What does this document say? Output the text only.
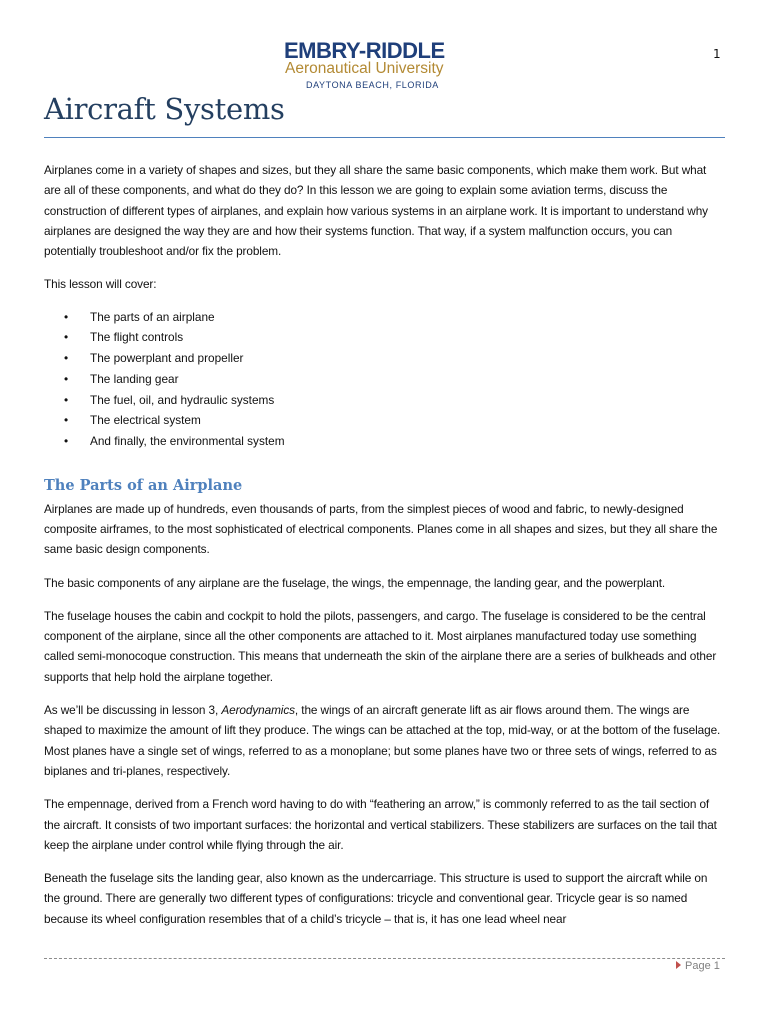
1
EMBRY-RIDDLE
Aeronautical University
DAYTONA BEACH, FLORIDA
Aircraft Systems

Airplanes come in a variety of shapes and sizes, but they all share the same basic components, which make them work. But what are all of these components, and what do they do? In this lesson we are going to explain some aviation terms, discuss the construction of different types of airplanes, and explain how various systems in an airplane work. It is important to understand why airplanes are designed the way they are and how their systems function. That way, if a system malfunction occurs, you can potentially troubleshoot and/or fix the problem.

This lesson will cover:

• The parts of an airplane
• The flight controls
• The powerplant and propeller
• The landing gear
• The fuel, oil, and hydraulic systems
• The electrical system
• And finally, the environmental system
The Parts of an Airplane

Airplanes are made up of hundreds, even thousands of parts, from the simplest pieces of wood and fabric, to newly-designed composite airframes, to the most sophisticated of electrical components. Planes come in all shapes and sizes, but they all share the same basic design components.

The basic components of any airplane are the fuselage, the wings, the empennage, the landing gear, and the powerplant.

The fuselage houses the cabin and cockpit to hold the pilots, passengers, and cargo. The fuselage is considered to be the central component of the airplane, since all the other components are attached to it. Most airplanes manufactured today use something called semi-monocoque construction. This means that underneath the skin of the airplane there are a series of bulkheads and other supports that help hold the airplane together.

As we’ll be discussing in lesson 3, Aerodynamics, the wings of an aircraft generate lift as air flows around them. The wings are shaped to maximize the amount of lift they produce. The wings can be attached at the top, mid-way, or at the bottom of the fuselage. Most planes have a single set of wings, referred to as a monoplane; but some planes have two or three sets of wings, referred to as biplanes and tri-planes, respectively.

The empennage, derived from a French word having to do with “feathering an arrow,” is commonly referred to as the tail section of the aircraft. It consists of two important surfaces: the horizontal and vertical stabilizers. These stabilizers are surfaces on the tail that keep the airplane under control while flying through the air.

Beneath the fuselage sits the landing gear, also known as the undercarriage. This structure is used to support the aircraft while on the ground. There are generally two different types of configurations: tricycle and conventional gear. Tricycle gear is so named because its wheel configuration resembles that of a child’s tricycle – that is, it has one lead wheel near

Page 1
